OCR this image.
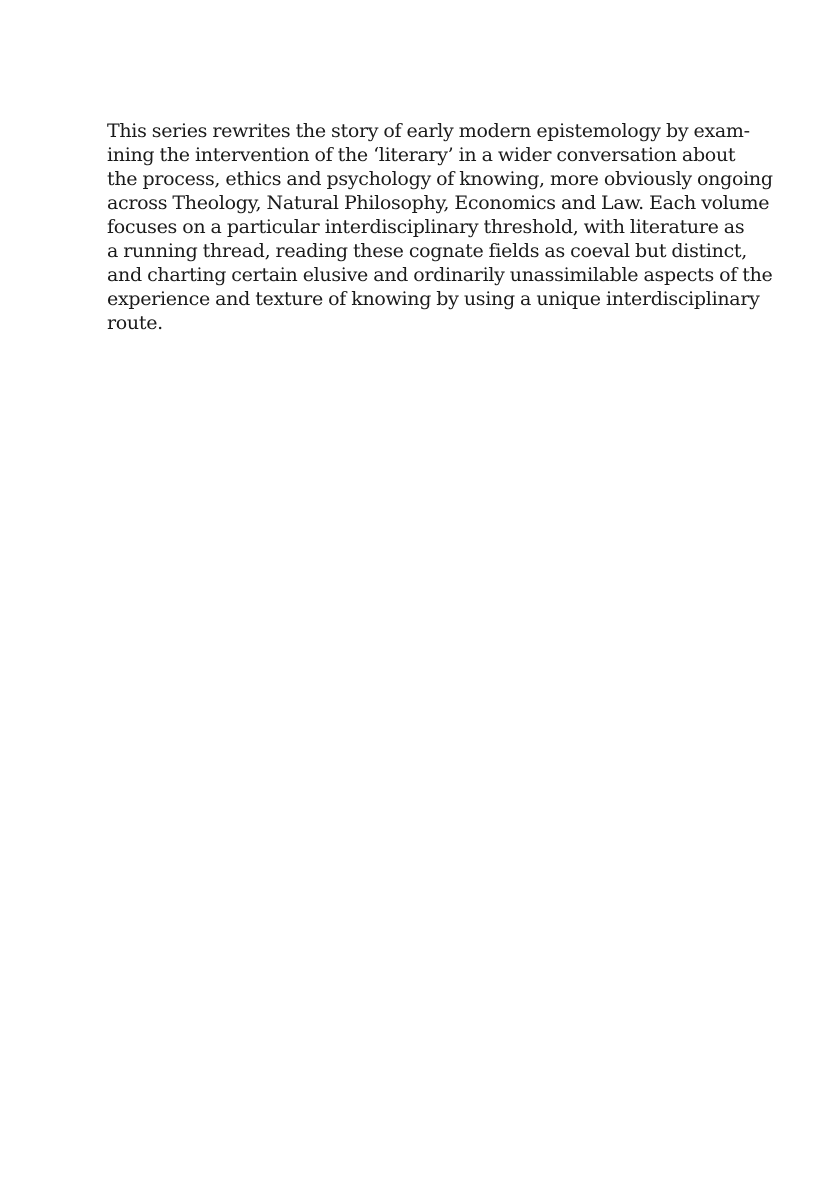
This series rewrites the story of early modern epistemology by exam-
ining the intervention of the ‘literary’ in a wider conversation about
the process, ethics and psychology of knowing, more obviously ongoing
across Theology, Natural Philosophy, Economics and Law. Each volume
focuses on a particular interdisciplinary threshold, with literature as
a running thread, reading these cognate fields as coeval but distinct,
and charting certain elusive and ordinarily unassimilable aspects of the
experience and texture of knowing by using a unique interdisciplinary
route.
